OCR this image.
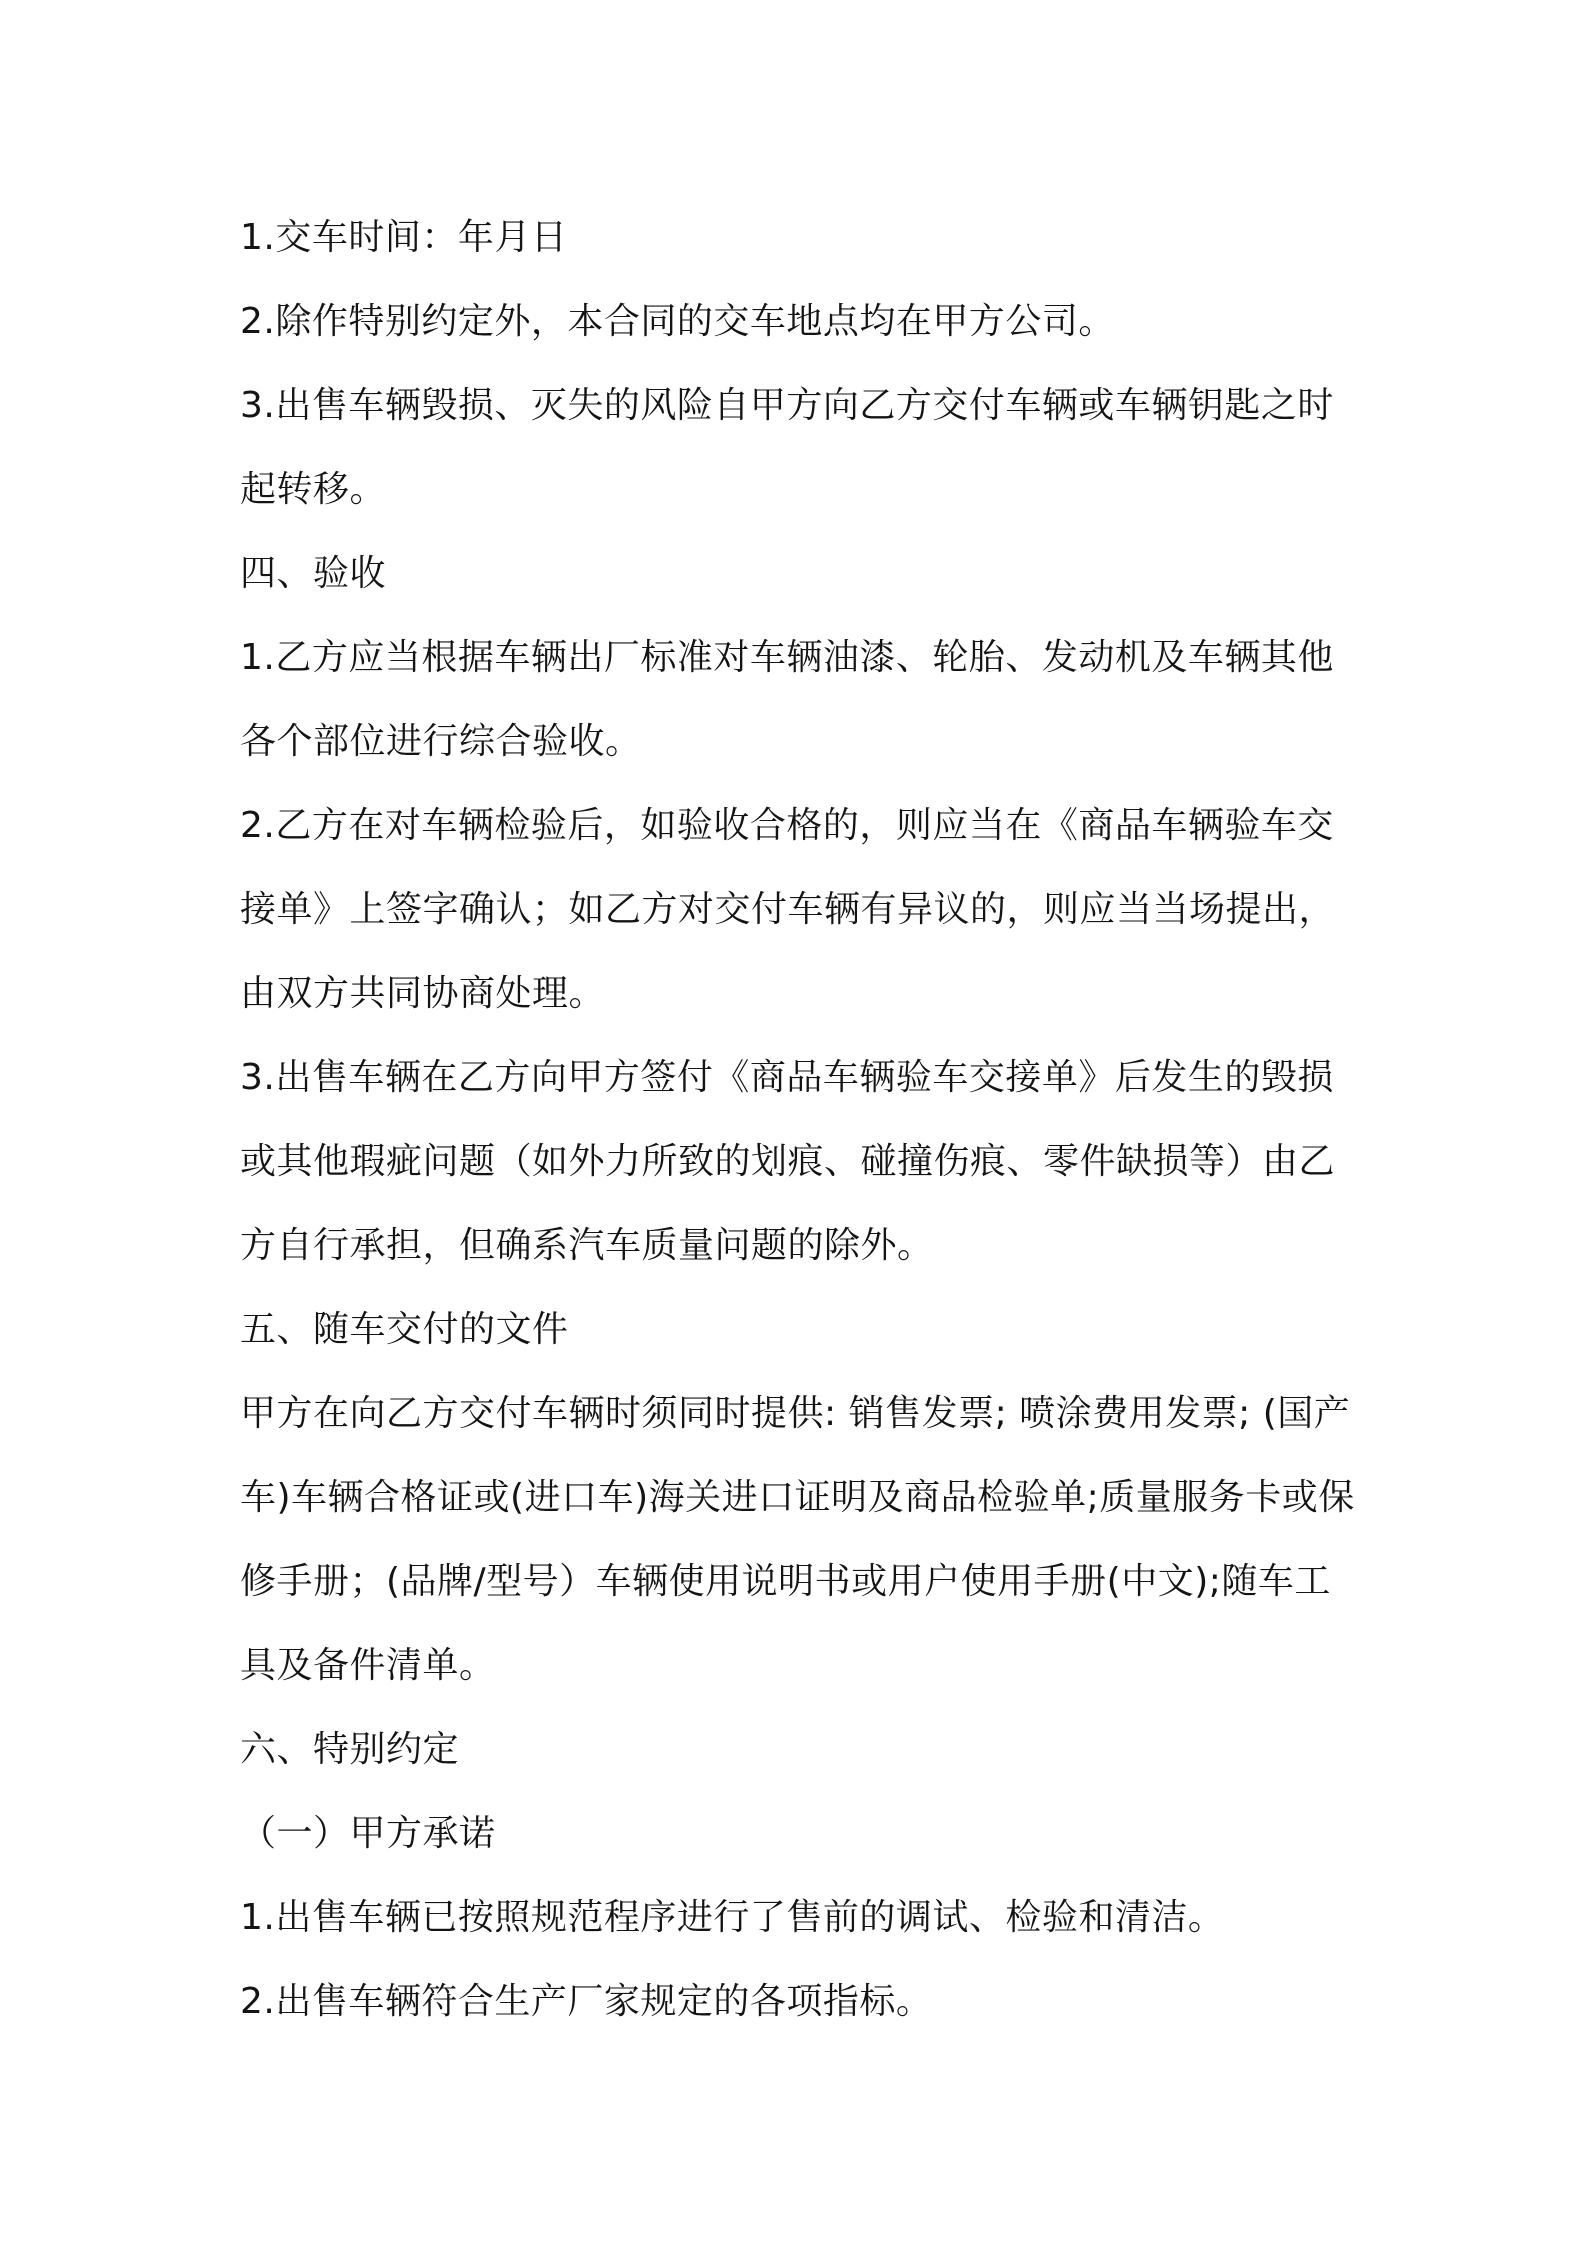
1.交车时间：年月日

2.除作特别约定外，本合同的交车地点均在甲方公司。

3.出售车辆毁损、灭失的风险自甲方向乙方交付车辆或车辆钥匙之时起转移。

四、验收

1.乙方应当根据车辆出厂标准对车辆油漆、轮胎、发动机及车辆其他各个部位进行综合验收。

2.乙方在对车辆检验后，如验收合格的，则应当在《商品车辆验车交接单》上签字确认；如乙方对交付车辆有异议的，则应当当场提出，由双方共同协商处理。

3.出售车辆在乙方向甲方签付《商品车辆验车交接单》后发生的毁损或其他瑕疵问题（如外力所致的划痕、碰撞伤痕、零件缺损等）由乙方自行承担，但确系汽车质量问题的除外。

五、随车交付的文件

甲方在向乙方交付车辆时须同时提供: 销售发票; 喷涂费用发票; (国产车)车辆合格证或(进口车)海关进口证明及商品检验单;质量服务卡或保修手册；(品牌/型号）车辆使用说明书或用户使用手册(中文);随车工具及备件清单。

六、特别约定

（一）甲方承诺

1.出售车辆已按照规范程序进行了售前的调试、检验和清洁。

2.出售车辆符合生产厂家规定的各项指标。
